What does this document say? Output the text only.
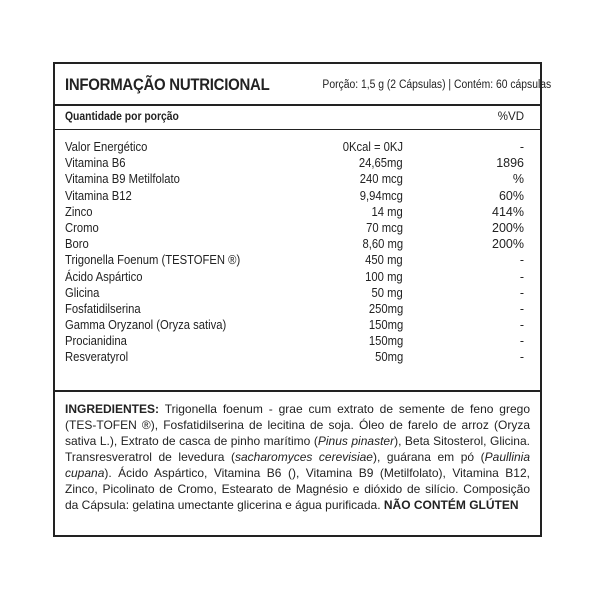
INFORMAÇÃO NUTRICIONAL	Porção: 1,5 g (2 Cápsulas) | Contém: 60 cápsulas
Quantidade por porção	%VD
Valor Energético	0Kcal = 0KJ	-
Vitamina B6	24,65mg	1896
Vitamina B9 Metilfolato	240 mcg	%
Vitamina B12	9,94mcg	60%
Zinco	14 mg	414%
Cromo	70 mcg	200%
Boro	8,60 mg	200%
Trigonella Foenum (TESTOFEN ®)	450 mg	-
Ácido Aspártico	100 mg	-
Glicina	50 mg	-
Fosfatidilserina	250mg	-
Gamma Oryzanol (Oryza sativa)	150mg	-
Procianidina	150mg	-
Resveratyrol	50mg	-
INGREDIENTES: Trigonella foenum - grae cum extrato de semente de feno grego (TES-TOFEN ®), Fosfatidilserina de lecitina de soja. Óleo de farelo de arroz (Oryza sativa L.), Extrato de casca de pinho marítimo (Pinus pinaster), Beta Sitosterol, Glicina. Transresveratrol de levedura (sacharomyces cerevisiae), guárana em pó (Paullinia cupana). Ácido Aspártico, Vitamina B6 (), Vitamina B9 (Metilfolato), Vitamina B12, Zinco, Picolinato de Cromo, Estearato de Magnésio e dióxido de silício. Composição da Cápsula: gelatina umectante glicerina e água purificada. NÃO CONTÉM GLÚTEN
